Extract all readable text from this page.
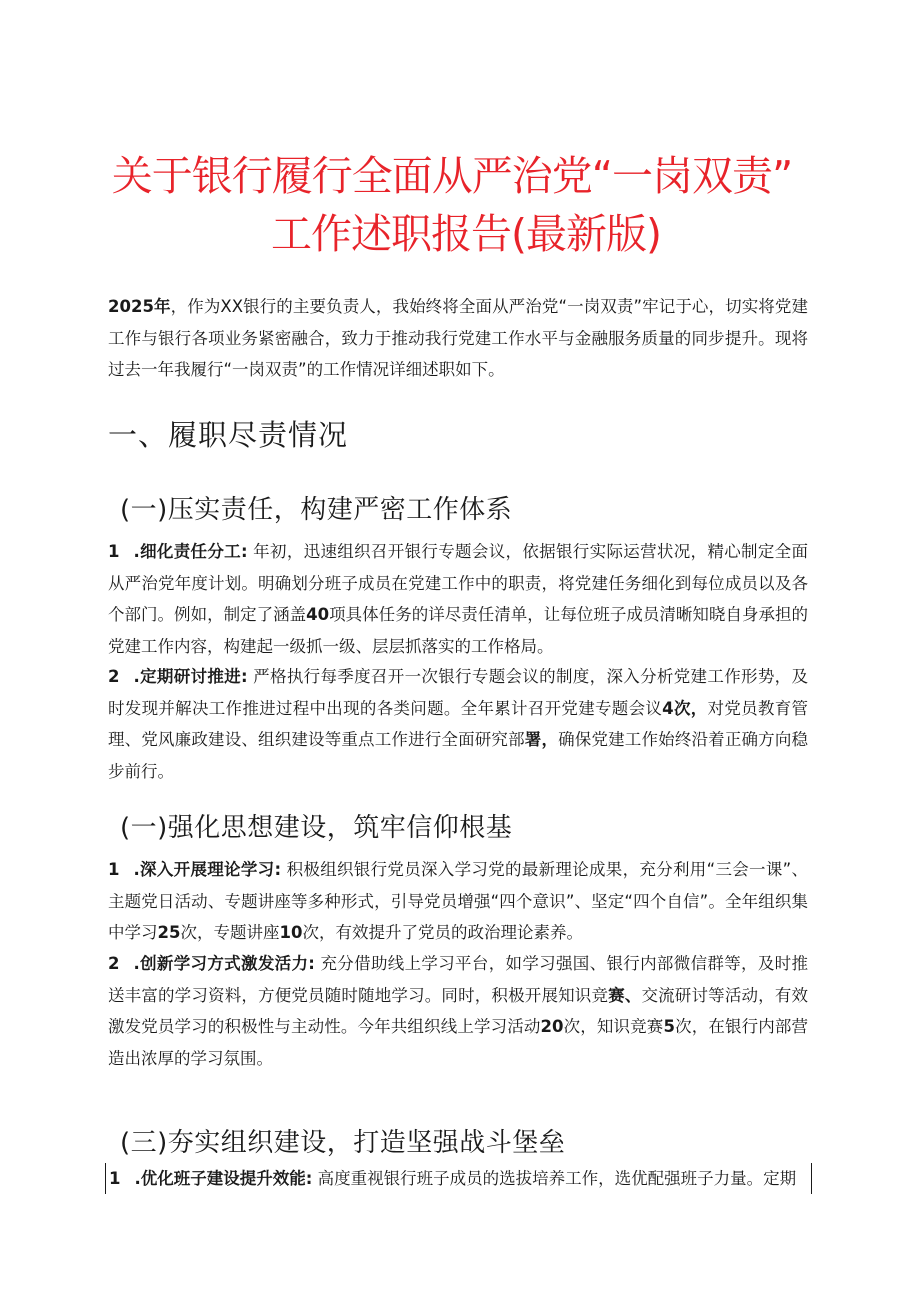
关于银行履行全面从严治党“一岗双责”
工作述职报告(最新版)

2025年，作为XX银行的主要负责人，我始终将全面从严治党“一岗双责”牢记于心，切实将党建工作与银行各项业务紧密融合，致力于推动我行党建工作水平与金融服务质量的同步提升。现将过去一年我履行“一岗双责”的工作情况详细述职如下。

一、履职尽责情况
(一)压实责任，构建严密工作体系
1 .细化责任分工: 年初，迅速组织召开银行专题会议，依据银行实际运营状况，精心制定全面从严治党年度计划。明确划分班子成员在党建工作中的职责，将党建任务细化到每位成员以及各个部门。例如，制定了涵盖40项具体任务的详尽责任清单，让每位班子成员清晰知晓自身承担的党建工作内容，构建起一级抓一级、层层抓落实的工作格局。
2 .定期研讨推进: 严格执行每季度召开一次银行专题会议的制度，深入分析党建工作形势，及时发现并解决工作推进过程中出现的各类问题。全年累计召开党建专题会议4次，对党员教育管理、党风廉政建设、组织建设等重点工作进行全面研究部署，确保党建工作始终沿着正确方向稳步前行。
(一)强化思想建设，筑牢信仰根基
1 .深入开展理论学习: 积极组织银行党员深入学习党的最新理论成果，充分利用“三会一课”、主题党日活动、专题讲座等多种形式，引导党员增强“四个意识”、坚定“四个自信”。全年组织集中学习25次，专题讲座10次，有效提升了党员的政治理论素养。
2 .创新学习方式激发活力: 充分借助线上学习平台，如学习强国、银行内部微信群等，及时推送丰富的学习资料，方便党员随时随地学习。同时，积极开展知识竞赛、交流研讨等活动，有效激发党员学习的积极性与主动性。今年共组织线上学习活动20次，知识竞赛5次，在银行内部营造出浓厚的学习氛围。
(三)夯实组织建设，打造坚强战斗堡垒
1 .优化班子建设提升效能: 高度重视银行班子成员的选拔培养工作，选优配强班子力量。定期
